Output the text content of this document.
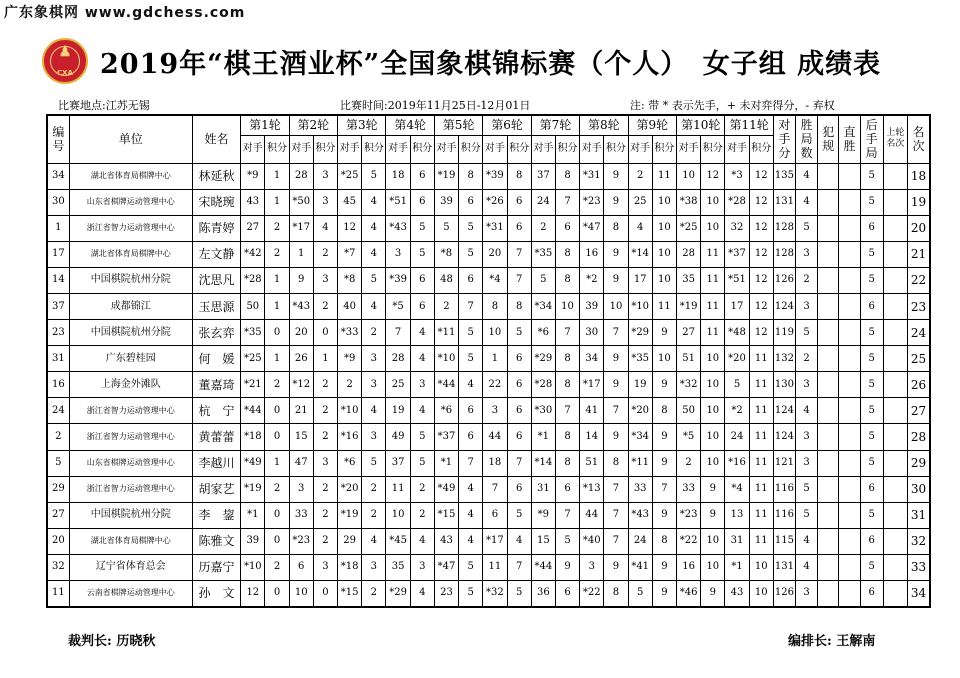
广东象棋网 www.gdchess.com
♟
CXA	2019年“棋王酒业杯”全国象棋锦标赛（个人）　女子组 成绩表
比赛地点:江苏无锡	比赛时间:2019年11月25日-12月01日	注: 带 * 表示先手，+ 未对弈得分，- 弃权
编号	单位	姓名	第1轮		第2轮		第3轮		第4轮		第5轮		第6轮		第7轮		第8轮		第9轮		第10轮		第11轮		对手分	胜局数	犯规	直胜	后手局	上轮名次	名次
			对手	积分	对手	积分	对手	积分	对手	积分	对手	积分	对手	积分	对手	积分	对手	积分	对手	积分	对手	积分	对手	积分							
34	湖北省体育局棋牌中心	林延秋	*9	1	28	3	*25	5	18	6	*19	8	*39	8	37	8	*31	9	2	11	10	12	*3	12	135	4			5		18
30	山东省棋牌运动管理中心	宋晓琬	43	1	*50	3	45	4	*51	6	39	6	*26	6	24	7	*23	9	25	10	*38	10	*28	12	131	4			5		19
1	浙江省智力运动管理中心	陈青婷	27	2	*17	4	12	4	*43	5	5	5	*31	6	2	6	*47	8	4	10	*25	10	32	12	128	5			6		20
17	湖北省体育局棋牌中心	左文静	*42	2	1	2	*7	4	3	5	*8	5	20	7	*35	8	16	9	*14	10	28	11	*37	12	128	3			5		21
14	中国棋院杭州分院	沈思凡	*28	1	9	3	*8	5	*39	6	48	6	*4	7	5	8	*2	9	17	10	35	11	*51	12	126	2			5		22
37	成都锦江	玉思源	50	1	*43	2	40	4	*5	6	2	7	8	8	*34	10	39	10	*10	11	*19	11	17	12	124	3			6		23
23	中国棋院杭州分院	张玄弈	*35	0	20	0	*33	2	7	4	*11	5	10	5	*6	7	30	7	*29	9	27	11	*48	12	119	5			5		24
31	广东碧桂园	何　媛	*25	1	26	1	*9	3	28	4	*10	5	1	6	*29	8	34	9	*35	10	51	10	*20	11	132	2			5		25
16	上海金外滩队	董嘉琦	*21	2	*12	2	2	3	25	3	*44	4	22	6	*28	8	*17	9	19	9	*32	10	5	11	130	3			5		26
24	浙江省智力运动管理中心	杭　宁	*44	0	21	2	*10	4	19	4	*6	6	3	6	*30	7	41	7	*20	8	50	10	*2	11	124	4			5		27
2	浙江省智力运动管理中心	黄蕾蕾	*18	0	15	2	*16	3	49	5	*37	6	44	6	*1	8	14	9	*34	9	*5	10	24	11	124	3			5		28
5	山东省棋牌运动管理中心	李越川	*49	1	47	3	*6	5	37	5	*1	7	18	7	*14	8	51	8	*11	9	2	10	*16	11	121	3			5		29
29	浙江省智力运动管理中心	胡家艺	*19	2	3	2	*20	2	11	2	*49	4	7	6	31	6	*13	7	33	7	33	9	*4	11	116	5			6		30
27	中国棋院杭州分院	李　鋆	*1	0	33	2	*19	2	10	2	*15	4	6	5	*9	7	44	7	*43	9	*23	9	13	11	116	5			5		31
20	湖北省体育局棋牌中心	陈雅文	39	0	*23	2	29	4	*45	4	43	4	*17	4	15	5	*40	7	24	8	*22	10	31	11	115	4			6		32
32	辽宁省体育总会	历嘉宁	*10	2	6	3	*18	3	35	3	*47	5	11	7	*44	9	3	9	*41	9	16	10	*1	10	131	4			5		33
11	云南省棋牌运动管理中心	孙　文	12	0	10	0	*15	2	*29	4	23	5	*32	5	36	6	*22	8	5	9	*46	9	43	10	126	3			6		34
裁判长: 历晓秋	编排长: 王解南
